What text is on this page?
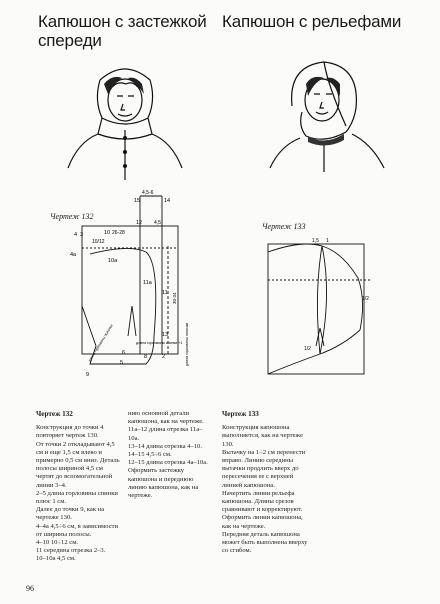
Капюшон с застежкой спереди
Капюшон с рельефами
Чертеж 132
4,5-6
15	14
12 4,5
10 26-28
10/12
4 3
4а
10а
11а
11
13
2
8
6
5
9
30-34
длина горловины полочки	длина горловины спинки +1 длина горловины полочки
Чертеж 133
1,5 1
1/2
1/2
Чертеж 132

Конструкция до точки 4 повторяет чертеж 130.

От точки 2 откладывают 4,5 см и еще 1,5 см влево и примерно 0,5 см вниз. Деталь полосы шириной 4,5 см чертят до вспомогательной линии 3–4.

2–5 длина горловины спинки плюс 1 см.

Далее до точки 9, как на чертеже 130.

4–4а 4,5÷6 см, в зависимости от ширины полосы.

4–10 10÷12 см.

11 середина отрезка 2–3.

10–10а 4,5 см.

нию основной детали капюшона, как на чертеже.

11а–12 длина отрезка 11а–10а.

13–14 длина отрезка 4–10.

14–15 4,5÷6 см.

12–15 длина отрезка 4а–10а.

Оформить застежку капюшона и переднюю линию капюшона, как на чертеже.

Чертеж 133

Конструкция капюшона выполняется, как на чертеже 130.

Вытачку на 1÷2 см перенести вправо. Линию середины вытачки продлить вверх до пересечения ее с верхней линией капюшона.

Начертить линии рельефа капюшона. Длины срезов сравнивают и корректируют.

Оформить линии капюшона, как на чертеже.

Передняя деталь капюшона может быть выполнена вверху со сгибом.

96
